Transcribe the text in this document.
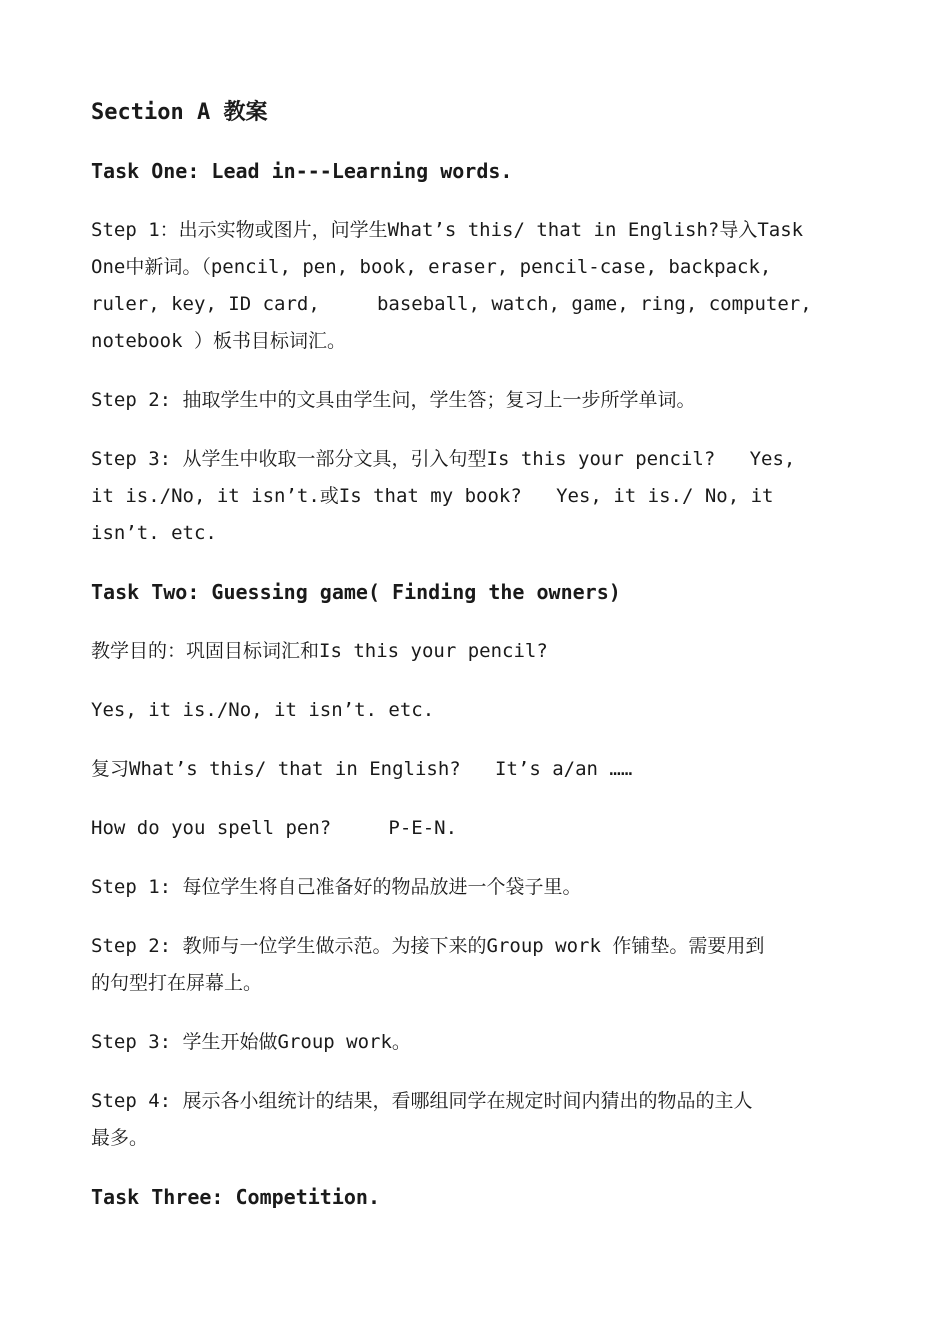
Section A 教案

Task One: Lead in---Learning words.

Step 1：出示实物或图片，问学生What’s this/ that in English?导入Task

One中新词。（pencil, pen, book, eraser, pencil-case, backpack,

ruler, key, ID card,     baseball, watch, game, ring, computer,

notebook ）板书目标词汇。

Step 2: 抽取学生中的文具由学生问，学生答；复习上一步所学单词。

Step 3: 从学生中收取一部分文具，引入句型Is this your pencil?   Yes,

it is./No, it isn’t.或Is that my book?   Yes, it is./ No, it

isn’t. etc.

Task Two: Guessing game( Finding the owners)

教学目的：巩固目标词汇和Is this your pencil?

Yes, it is./No, it isn’t. etc.

复习What’s this/ that in English?   It’s a/an ……

How do you spell pen?     P-E-N.

Step 1: 每位学生将自己准备好的物品放进一个袋子里。

Step 2: 教师与一位学生做示范。为接下来的Group work 作铺垫。需要用到

的句型打在屏幕上。

Step 3: 学生开始做Group work。

Step 4: 展示各小组统计的结果，看哪组同学在规定时间内猜出的物品的主人

最多。

Task Three: Competition.
